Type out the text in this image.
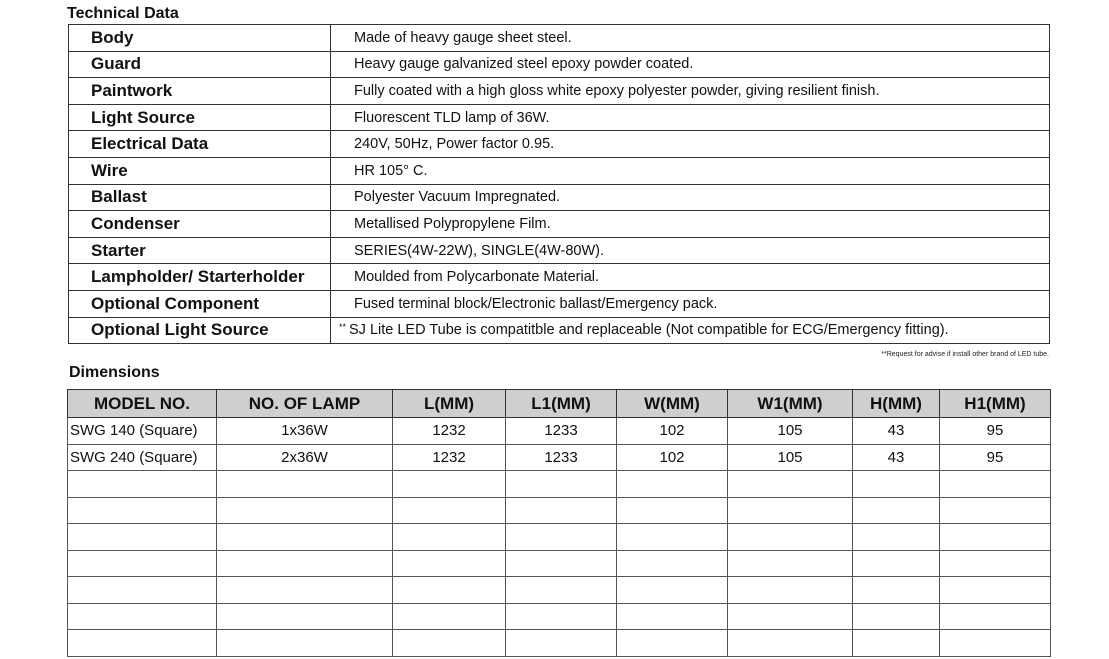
Technical Data
Body	Made of heavy gauge sheet steel.
Guard	Heavy gauge galvanized steel epoxy powder coated.
Paintwork	Fully coated with a high gloss white epoxy polyester powder, giving resilient finish.
Light Source	Fluorescent TLD lamp of 36W.
Electrical Data	240V, 50Hz, Power factor 0.95.
Wire	HR 105° C.
Ballast	Polyester Vacuum Impregnated.
Condenser	Metallised Polypropylene Film.
Starter	SERIES(4W-22W), SINGLE(4W-80W).
Lampholder/ Starterholder	Moulded from Polycarbonate Material.
Optional Component	Fused terminal block/Electronic ballast/Emergency pack.
Optional Light Source	** SJ Lite LED Tube is compatitble and replaceable (Not compatible for ECG/Emergency fitting).
**Request for advise if install other brand of LED tube.
Dimensions
MODEL NO.	NO. OF LAMP	L(MM)	L1(MM)	W(MM)	W1(MM)	H(MM)	H1(MM)
SWG 140 (Square)	1x36W	1232	1233	102	105	43	95
SWG 240 (Square)	2x36W	1232	1233	102	105	43	95
